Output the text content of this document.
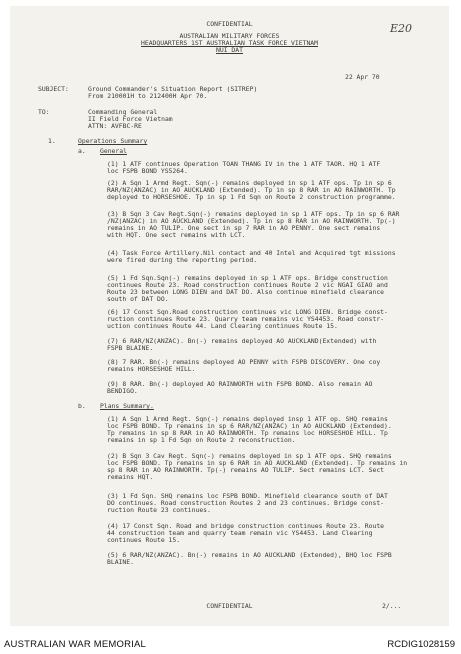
CONFIDENTIAL
AUSTRALIAN MILITARY FORCES
HEADQUARTERS 1ST AUSTRALIAN TASK FORCE VIETNAM
NUI DAT
22 Apr 70
SUBJECT:	Ground Commander's Situation Report (SITREP)
From 210001H to 212400H Apr 70.
TO:	Commanding General
II Field Force Vietnam
ATTN: AVFBC-RE
1.	Operations Summary
a. General
(1) 1 ATF continues Operation TOAN THANG IV in the 1 ATF TAOR. HQ 1 ATF
loc FSPB BOND YS5264.
(2) A Sqn 1 Armd Regt. Sqn(-) remains deployed in sp 1 ATF ops. Tp in sp 6
RAR/NZ(ANZAC) in AO AUCKLAND (Extended). Tp in sp 8 RAR in AO RAINWORTH. Tp
deployed to HORSESHOE. Tp in sp 1 Fd Sqn on Route 2 construction programme.
(3) B Sqn 3 Cav Regt.Sqn(-) remains deployed in sp 1 ATF ops. Tp in sp 6 RAR
/NZ(ANZAC) in AO AUCKLAND (Extended). Tp in sp 8 RAR in AO RAINWORTH. Tp(-)
remains in AO TULIP. One sect in sp 7 RAR in AO PENNY. One sect remains
with HQT. One sect remains with LCT.
(4) Task Force Artillery.Nil contact and 40 Intel and Acquired tgt missions
were fired during the reporting period.
(5) 1 Fd Sqn.Sqn(-) remains deployed in sp 1 ATF ops. Bridge construction
continues Route 23. Road construction continues Route 2 vic NGAI GIAO and
Route 23 between LONG DIEN and DAT DO. Also continue minefield clearance
south of DAT DO.
(6) 17 Const Sqn.Road construction continues vic LONG DIEN. Bridge const-
ruction continues Route 23. Quarry team remains vic YS4453. Road constr-
uction continues Route 44. Land Clearing continues Route 15.
(7) 6 RAR/NZ(ANZAC). Bn(-) remains deployed AO AUCKLAND(Extended) with
FSPB BLAINE.
(8) 7 RAR. Bn(-) remains deployed AO PENNY with FSPB DISCOVERY. One coy
remains HORSESHOE HILL.
(9) 8 RAR. Bn(-) deployed AO RAINWORTH with FSPB BOND. Also remain AO
BENDIGO.
b. Plans Summary.
(1) A Sqn 1 Armd Regt. Sqn(-) remains deployed insp 1 ATF op. SHQ remains
loc FSPB BOND. Tp remains in sp 6 RAR/NZ(ANZAC) in AO AUCKLAND (Extended).
Tp remains in sp 8 RAR in AO RAINWORTH. Tp remains loc HORSESHOE HILL. Tp
remains in sp 1 Fd Sqn on Route 2 reconstruction.
(2) B Sqn 3 Cav Regt. Sqn(-) remains deployed in sp 1 ATF ops. SHQ remains
loc FSPB BOND. Tp remains in sp 6 RAR in AO AUCKLAND (Extended). Tp remains in
sp 8 RAR in AO RAINWORTH. Tp(-) remains AO TULIP. Sect remains LCT. Sect
remains HQT.
(3) 1 Fd Sqn. SHQ remains loc FSPB BOND. Minefield clearance south of DAT
DO continues. Road construction Routes 2 and 23 continues. Bridge const-
ruction Route 23 continues.
(4) 17 Const Sqn. Road and bridge construction continues Route 23. Route
44 construction team and quarry team remain vic YS4453. Land Clearing
continues Route 15.
(5) 6 RAR/NZ(ANZAC). Bn(-) remains in AO AUCKLAND (Extended), BHQ loc FSPB
BLAINE.
CONFIDENTIAL	2/...
E20
AUSTRALIAN WAR MEMORIAL	RCDIG1028159
